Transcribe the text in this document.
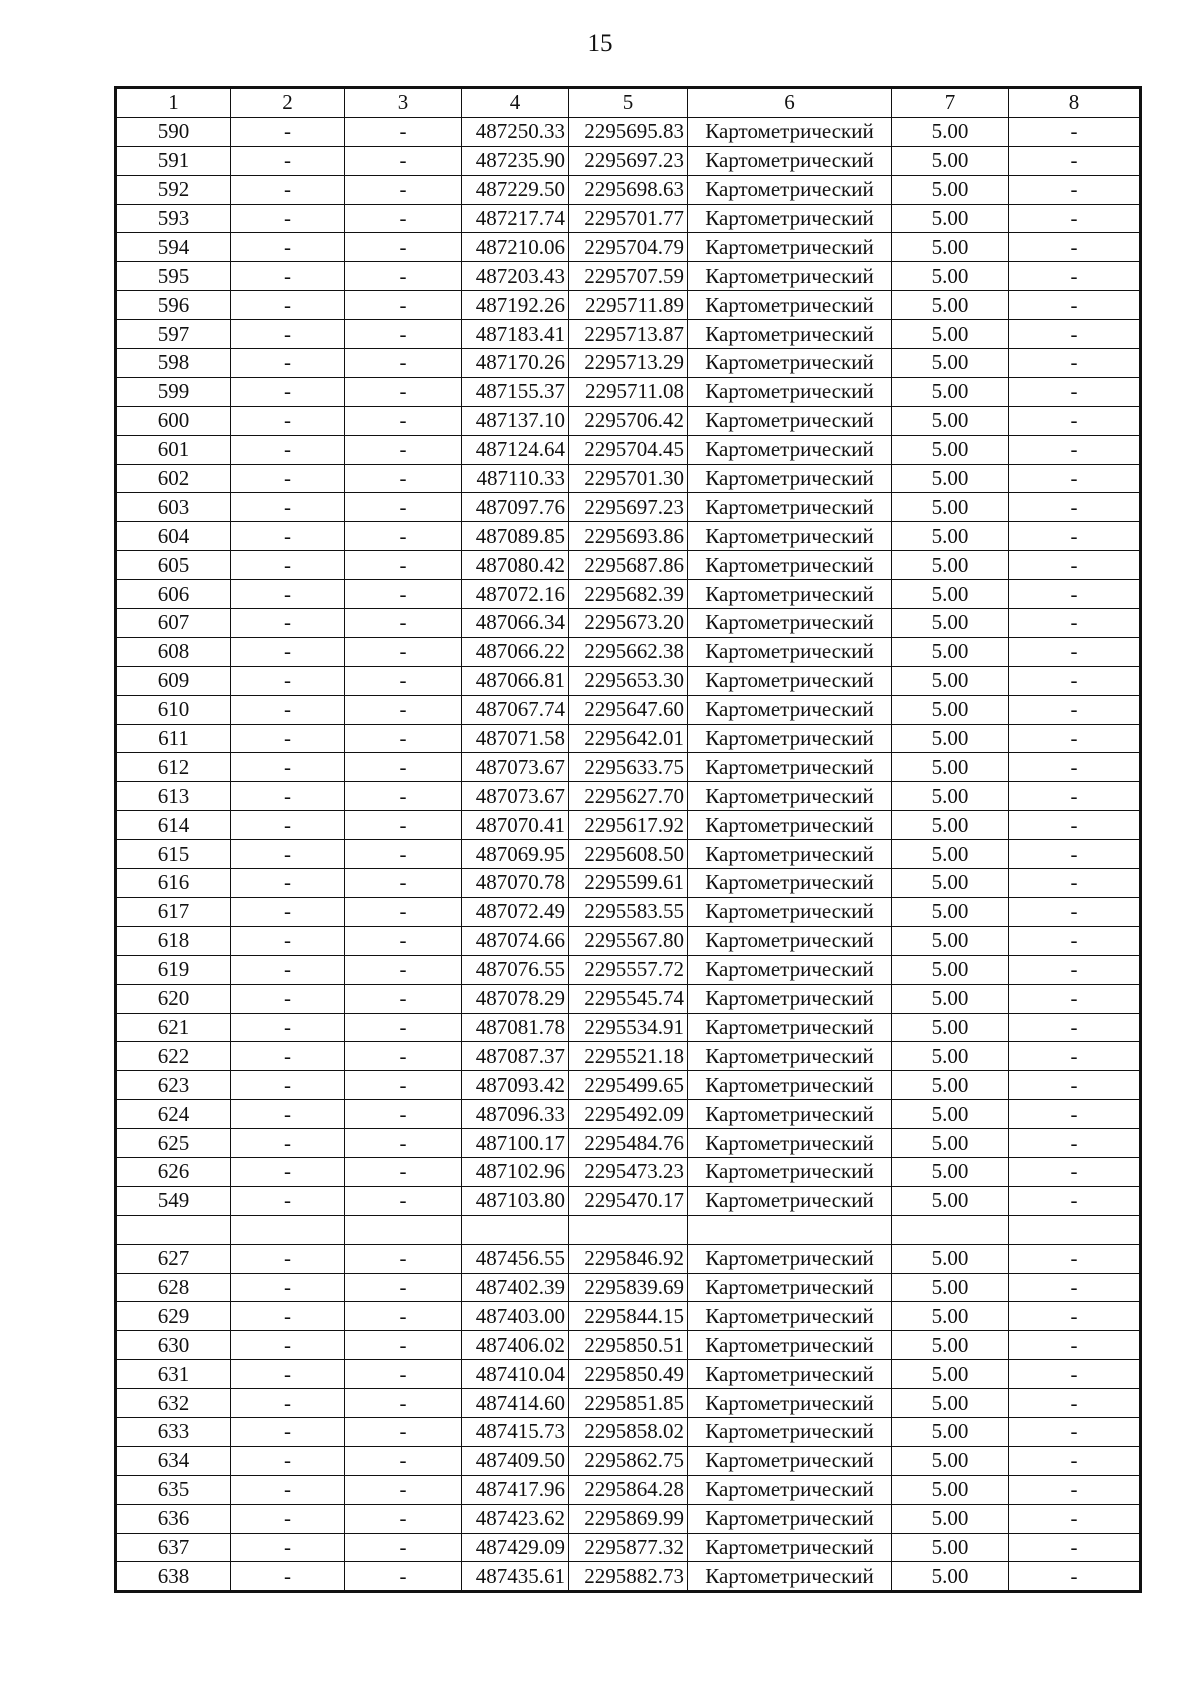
15
1	2	3	4	5	6	7	8
590	-	-	487250.33	2295695.83	Картометрический	5.00	-
591	-	-	487235.90	2295697.23	Картометрический	5.00	-
592	-	-	487229.50	2295698.63	Картометрический	5.00	-
593	-	-	487217.74	2295701.77	Картометрический	5.00	-
594	-	-	487210.06	2295704.79	Картометрический	5.00	-
595	-	-	487203.43	2295707.59	Картометрический	5.00	-
596	-	-	487192.26	2295711.89	Картометрический	5.00	-
597	-	-	487183.41	2295713.87	Картометрический	5.00	-
598	-	-	487170.26	2295713.29	Картометрический	5.00	-
599	-	-	487155.37	2295711.08	Картометрический	5.00	-
600	-	-	487137.10	2295706.42	Картометрический	5.00	-
601	-	-	487124.64	2295704.45	Картометрический	5.00	-
602	-	-	487110.33	2295701.30	Картометрический	5.00	-
603	-	-	487097.76	2295697.23	Картометрический	5.00	-
604	-	-	487089.85	2295693.86	Картометрический	5.00	-
605	-	-	487080.42	2295687.86	Картометрический	5.00	-
606	-	-	487072.16	2295682.39	Картометрический	5.00	-
607	-	-	487066.34	2295673.20	Картометрический	5.00	-
608	-	-	487066.22	2295662.38	Картометрический	5.00	-
609	-	-	487066.81	2295653.30	Картометрический	5.00	-
610	-	-	487067.74	2295647.60	Картометрический	5.00	-
611	-	-	487071.58	2295642.01	Картометрический	5.00	-
612	-	-	487073.67	2295633.75	Картометрический	5.00	-
613	-	-	487073.67	2295627.70	Картометрический	5.00	-
614	-	-	487070.41	2295617.92	Картометрический	5.00	-
615	-	-	487069.95	2295608.50	Картометрический	5.00	-
616	-	-	487070.78	2295599.61	Картометрический	5.00	-
617	-	-	487072.49	2295583.55	Картометрический	5.00	-
618	-	-	487074.66	2295567.80	Картометрический	5.00	-
619	-	-	487076.55	2295557.72	Картометрический	5.00	-
620	-	-	487078.29	2295545.74	Картометрический	5.00	-
621	-	-	487081.78	2295534.91	Картометрический	5.00	-
622	-	-	487087.37	2295521.18	Картометрический	5.00	-
623	-	-	487093.42	2295499.65	Картометрический	5.00	-
624	-	-	487096.33	2295492.09	Картометрический	5.00	-
625	-	-	487100.17	2295484.76	Картометрический	5.00	-
626	-	-	487102.96	2295473.23	Картометрический	5.00	-
549	-	-	487103.80	2295470.17	Картометрический	5.00	-

627	-	-	487456.55	2295846.92	Картометрический	5.00	-
628	-	-	487402.39	2295839.69	Картометрический	5.00	-
629	-	-	487403.00	2295844.15	Картометрический	5.00	-
630	-	-	487406.02	2295850.51	Картометрический	5.00	-
631	-	-	487410.04	2295850.49	Картометрический	5.00	-
632	-	-	487414.60	2295851.85	Картометрический	5.00	-
633	-	-	487415.73	2295858.02	Картометрический	5.00	-
634	-	-	487409.50	2295862.75	Картометрический	5.00	-
635	-	-	487417.96	2295864.28	Картометрический	5.00	-
636	-	-	487423.62	2295869.99	Картометрический	5.00	-
637	-	-	487429.09	2295877.32	Картометрический	5.00	-
638	-	-	487435.61	2295882.73	Картометрический	5.00	-
